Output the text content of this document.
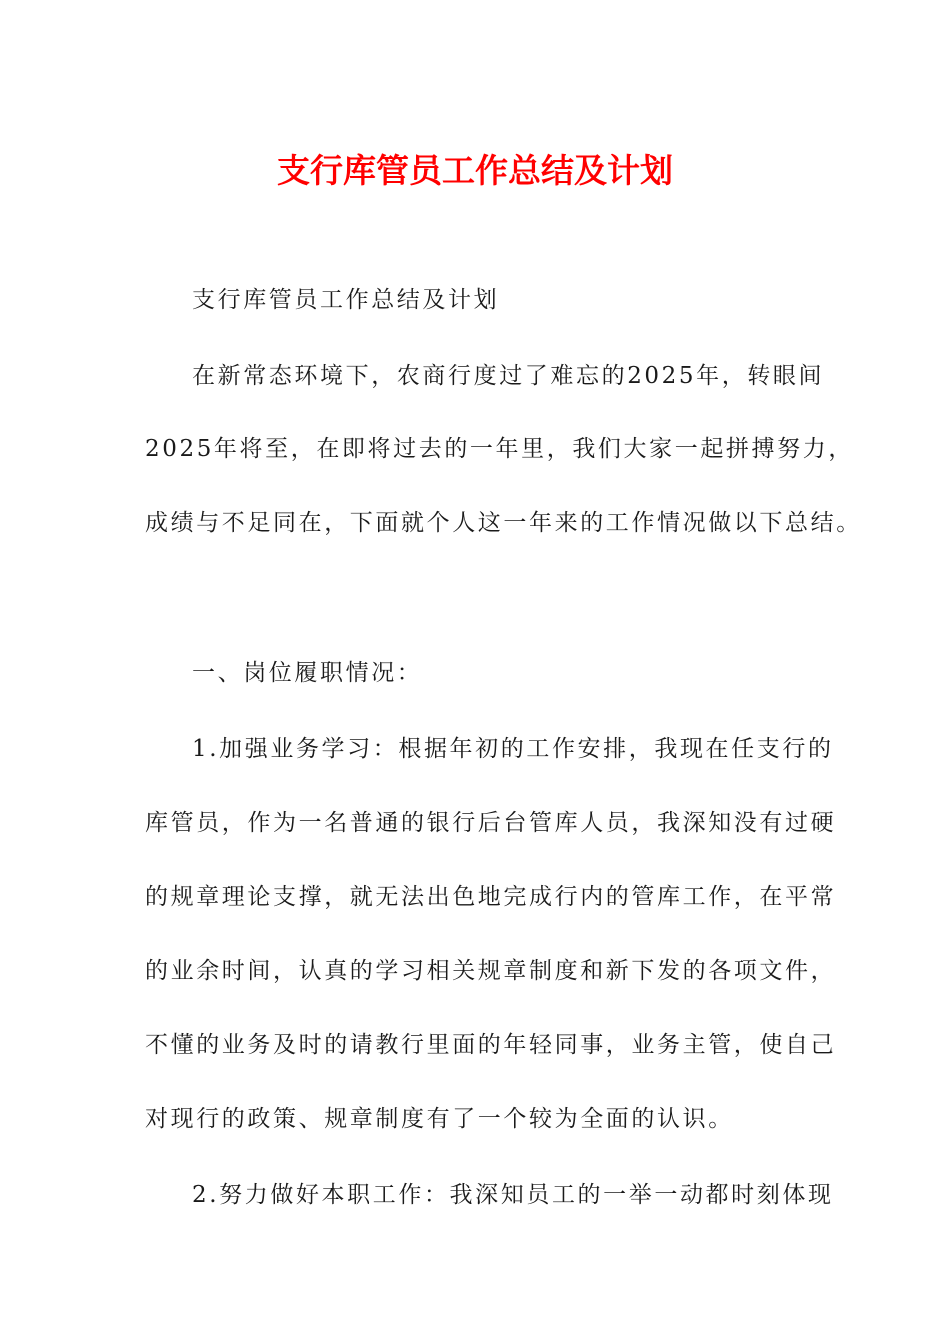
支行库管员工作总结及计划
支行库管员工作总结及计划
在新常态环境下，农商行度过了难忘的2025年，转眼间
2025年将至，在即将过去的一年里，我们大家一起拼搏努力，
成绩与不足同在，下面就个人这一年来的工作情况做以下总结。
一、岗位履职情况：
1.加强业务学习：根据年初的工作安排，我现在任支行的
库管员，作为一名普通的银行后台管库人员，我深知没有过硬
的规章理论支撑，就无法出色地完成行内的管库工作，在平常
的业余时间，认真的学习相关规章制度和新下发的各项文件，
不懂的业务及时的请教行里面的年轻同事，业务主管，使自己
对现行的政策、规章制度有了一个较为全面的认识。
2.努力做好本职工作：我深知员工的一举一动都时刻体现
